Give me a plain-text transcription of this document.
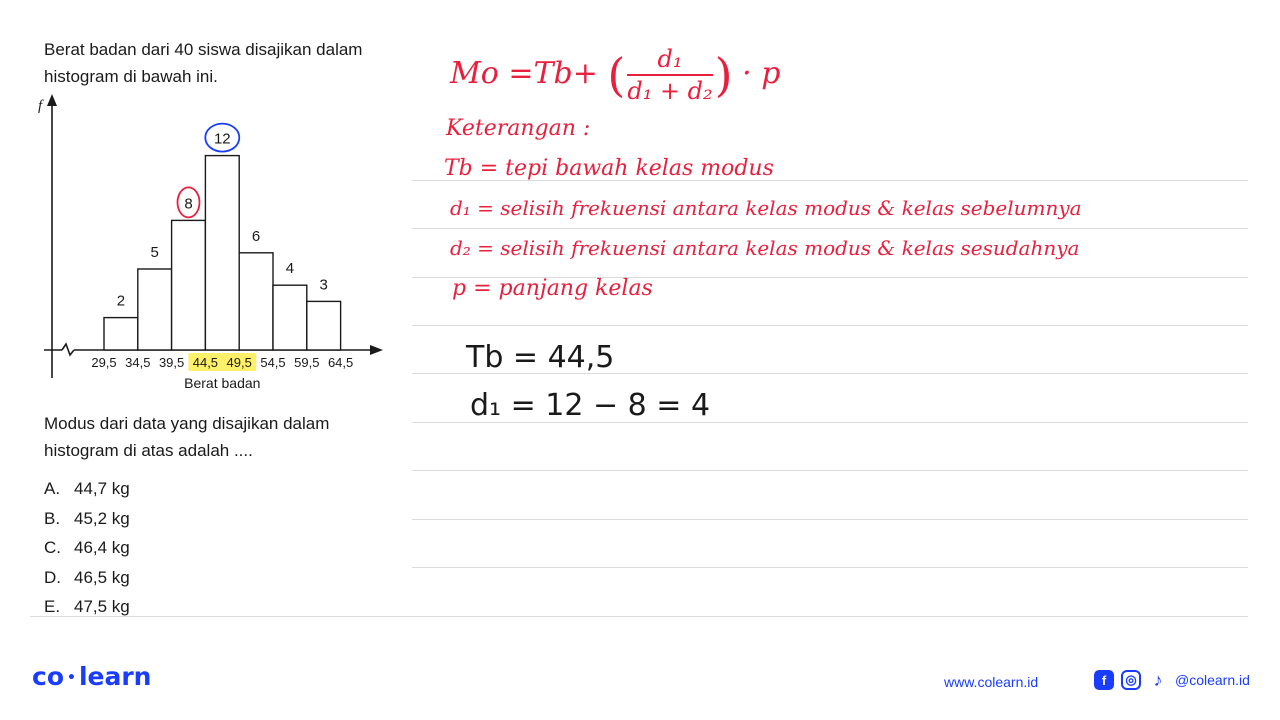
Berat badan dari 40 siswa disajikan dalam histogram di bawah ini.
f
2
5
8
12
6
4
3
29,5 34,5 39,5 44,5 49,5 54,5 59,5 64,5
Berat badan
Modus dari data yang disajikan dalam histogram di atas adalah ....
A. 44,7 kg
B. 45,2 kg
C. 46,4 kg
D. 46,5 kg
E. 47,5 kg
Mo =Tb+ ( $\frac{\text{d₁}}{\text{d₁ + d₂}}$ ) · p
Keterangan :
Tb = tepi bawah kelas modus
d₁ = selisih frekuensi antara kelas modus & kelas sebelumnya
d₂ = selisih frekuensi antara kelas modus & kelas sesudahnya
p = panjang kelas
Tb = 44,5
d₁ = 12 − 8 = 4
co • learn	www.colearn.id	f	◎ ♪ @colearn.id
